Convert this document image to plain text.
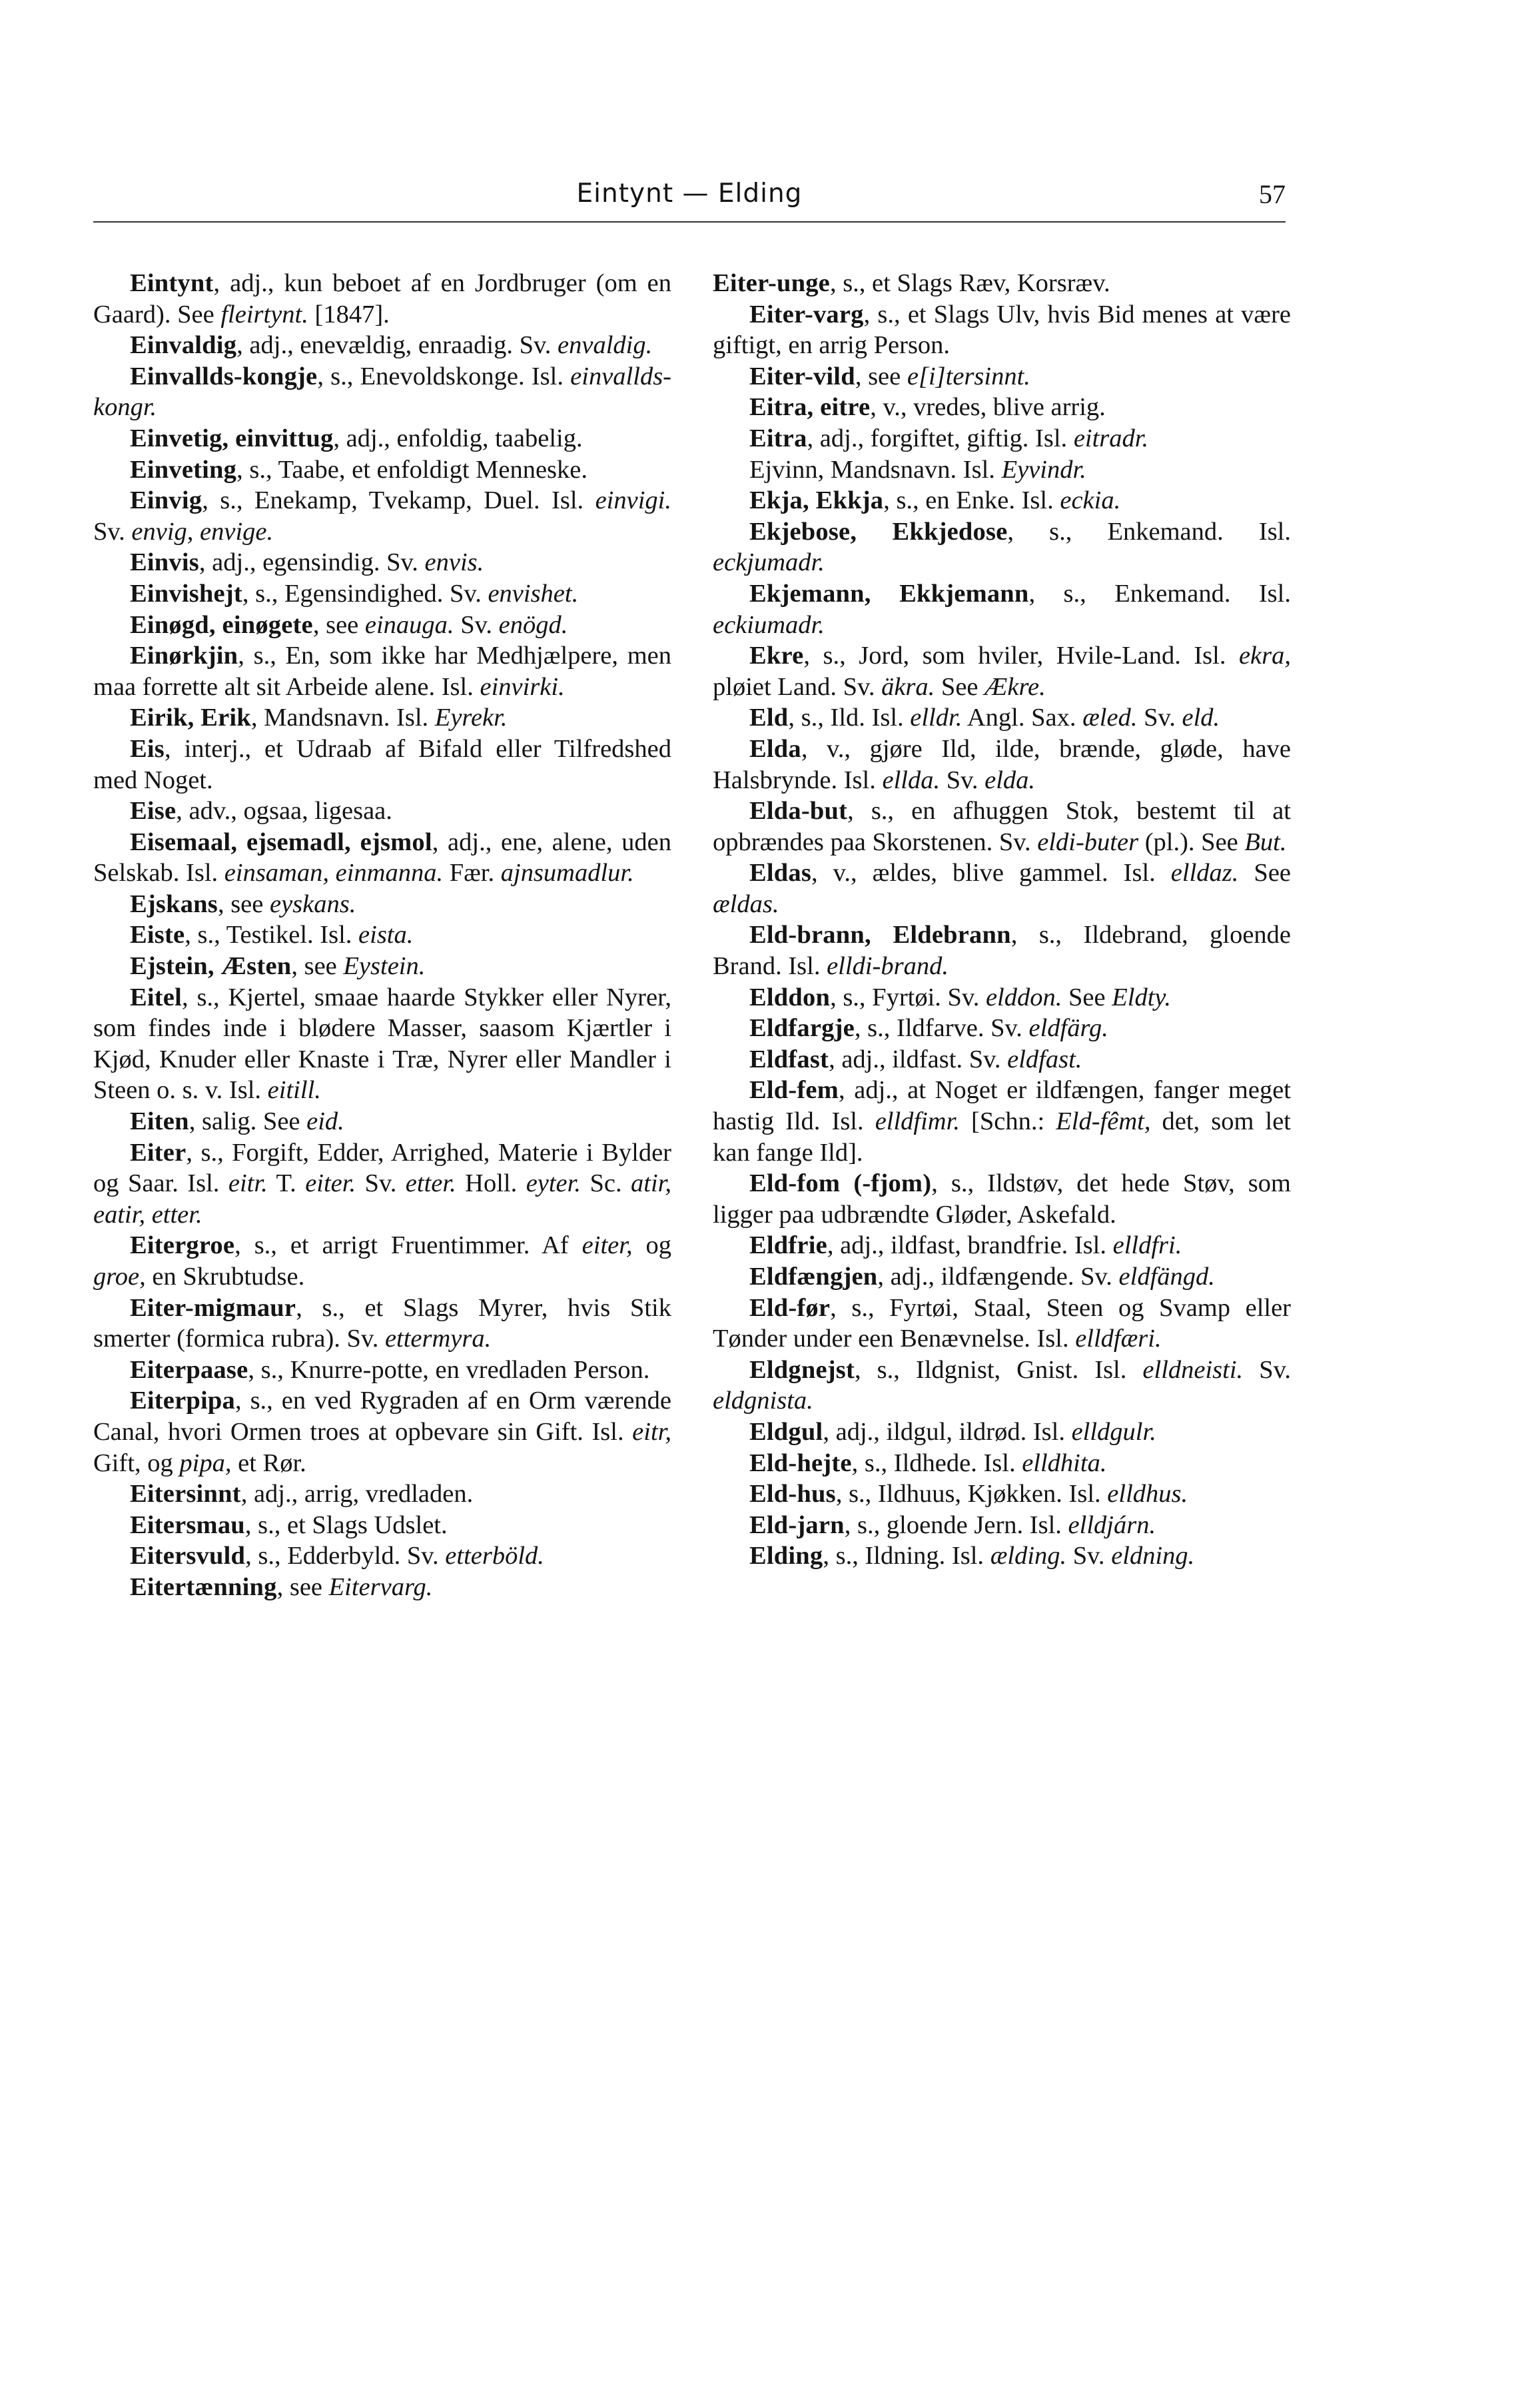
Eintynt — Elding	57

Eintynt, adj., kun beboet af en Jordbruger (om en Gaard). See fleirtynt. [1847].

Einvaldig, adj., enevældig, enraadig. Sv. envaldig.

Einvallds-kongje, s., Enevoldskonge. Isl. einvallds-kongr.

Einvetig, einvittug, adj., enfoldig, taabelig.

Einveting, s., Taabe, et enfoldigt Menneske.

Einvig, s., Enekamp, Tvekamp, Duel. Isl. einvigi. Sv. envig, envige.

Einvis, adj., egensindig. Sv. envis.

Einvishejt, s., Egensindighed. Sv. envishet.

Einøgd, einøgete, see einauga. Sv. enögd.

Einørkjin, s., En, som ikke har Medhjælpere, men maa forrette alt sit Arbeide alene. Isl. einvirki.

Eirik, Erik, Mandsnavn. Isl. Eyrekr.

Eis, interj., et Udraab af Bifald eller Tilfredshed med Noget.

Eise, adv., ogsaa, ligesaa.

Eisemaal, ejsemadl, ejsmol, adj., ene, alene, uden Selskab. Isl. einsaman, einmanna. Fær. ajnsumadlur.

Ejskans, see eyskans.

Eiste, s., Testikel. Isl. eista.

Ejstein, Æsten, see Eystein.

Eitel, s., Kjertel, smaae haarde Stykker eller Nyrer, som findes inde i blødere Masser, saasom Kjærtler i Kjød, Knuder eller Knaste i Træ, Nyrer eller Mandler i Steen o. s. v. Isl. eitill.

Eiten, salig. See eid.

Eiter, s., Forgift, Edder, Arrighed, Materie i Bylder og Saar. Isl. eitr. T. eiter. Sv. etter. Holl. eyter. Sc. atir, eatir, etter.

Eitergroe, s., et arrigt Fruentimmer. Af eiter, og groe, en Skrubtudse.

Eiter-migmaur, s., et Slags Myrer, hvis Stik smerter (formica rubra). Sv. ettermyra.

Eiterpaase, s., Knurre-potte, en vredladen Person.

Eiterpipa, s., en ved Rygraden af en Orm værende Canal, hvori Ormen troes at opbevare sin Gift. Isl. eitr, Gift, og pipa, et Rør.

Eitersinnt, adj., arrig, vredladen.

Eitersmau, s., et Slags Udslet.

Eitersvuld, s., Edderbyld. Sv. etterböld.

Eitertænning, see Eitervarg.

Eiter-unge, s., et Slags Ræv, Korsræv.

Eiter-varg, s., et Slags Ulv, hvis Bid menes at være giftigt, en arrig Person.

Eiter-vild, see e[i]tersinnt.

Eitra, eitre, v., vredes, blive arrig.

Eitra, adj., forgiftet, giftig. Isl. eitradr.

Ejvinn, Mandsnavn. Isl. Eyvindr.

Ekja, Ekkja, s., en Enke. Isl. eckia.

Ekjebose, Ekkjedose, s., Enkemand. Isl. eckjumadr.

Ekjemann, Ekkjemann, s., Enkemand. Isl. eckiumadr.

Ekre, s., Jord, som hviler, Hvile-Land. Isl. ekra, pløiet Land. Sv. äkra. See Ækre.

Eld, s., Ild. Isl. elldr. Angl. Sax. æled. Sv. eld.

Elda, v., gjøre Ild, ilde, brænde, gløde, have Halsbrynde. Isl. ellda. Sv. elda.

Elda-but, s., en afhuggen Stok, bestemt til at opbrændes paa Skorstenen. Sv. eldi-buter (pl.). See But.

Eldas, v., ældes, blive gammel. Isl. elldaz. See ældas.

Eld-brann, Eldebrann, s., Ildebrand, gloende Brand. Isl. elldi-brand.

Elddon, s., Fyrtøi. Sv. elddon. See Eldty.

Eldfargje, s., Ildfarve. Sv. eldfärg.

Eldfast, adj., ildfast. Sv. eldfast.

Eld-fem, adj., at Noget er ildfængen, fanger meget hastig Ild. Isl. elldfimr. [Schn.: Eld-fêmt, det, som let kan fange Ild].

Eld-fom (-fjom), s., Ildstøv, det hede Støv, som ligger paa udbrændte Gløder, Askefald.

Eldfrie, adj., ildfast, brandfrie. Isl. elldfri.

Eldfængjen, adj., ildfængende. Sv. eldfängd.

Eld-før, s., Fyrtøi, Staal, Steen og Svamp eller Tønder under een Benævnelse. Isl. elldfæri.

Eldgnejst, s., Ildgnist, Gnist. Isl. elldneisti. Sv. eldgnista.

Eldgul, adj., ildgul, ildrød. Isl. elldgulr.

Eld-hejte, s., Ildhede. Isl. elldhita.

Eld-hus, s., Ildhuus, Kjøkken. Isl. elldhus.

Eld-jarn, s., gloende Jern. Isl. elldjárn.

Elding, s., Ildning. Isl. ælding. Sv. eldning.
